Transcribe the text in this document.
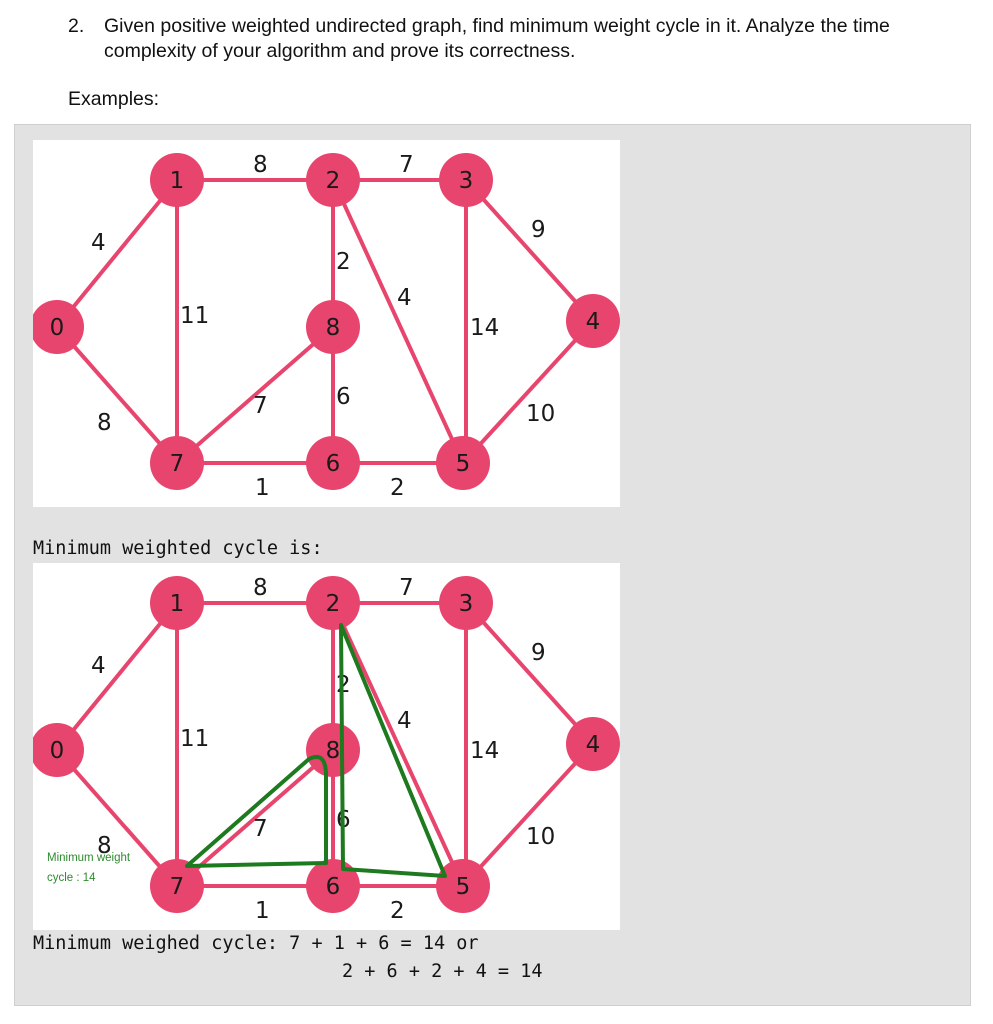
2. Given positive weighted undirected graph, find minimum weight cycle in it. Analyze the time complexity of your algorithm and prove its correctness.
Examples:
4
8	7
9
8
11
2
4
14
10
7	6
1	2
0
1	2	3
4
5
6
7
8
Minimum weighted cycle is:
4
8	7
9
8
11
2
4
14
10
7	6
1	2
0
1	2	3
4
5
6
7
8
Minimum weight
cycle : 14
Minimum weighed cycle: 7 + 1 + 6 = 14 or
2 + 6 + 2 + 4 = 14
